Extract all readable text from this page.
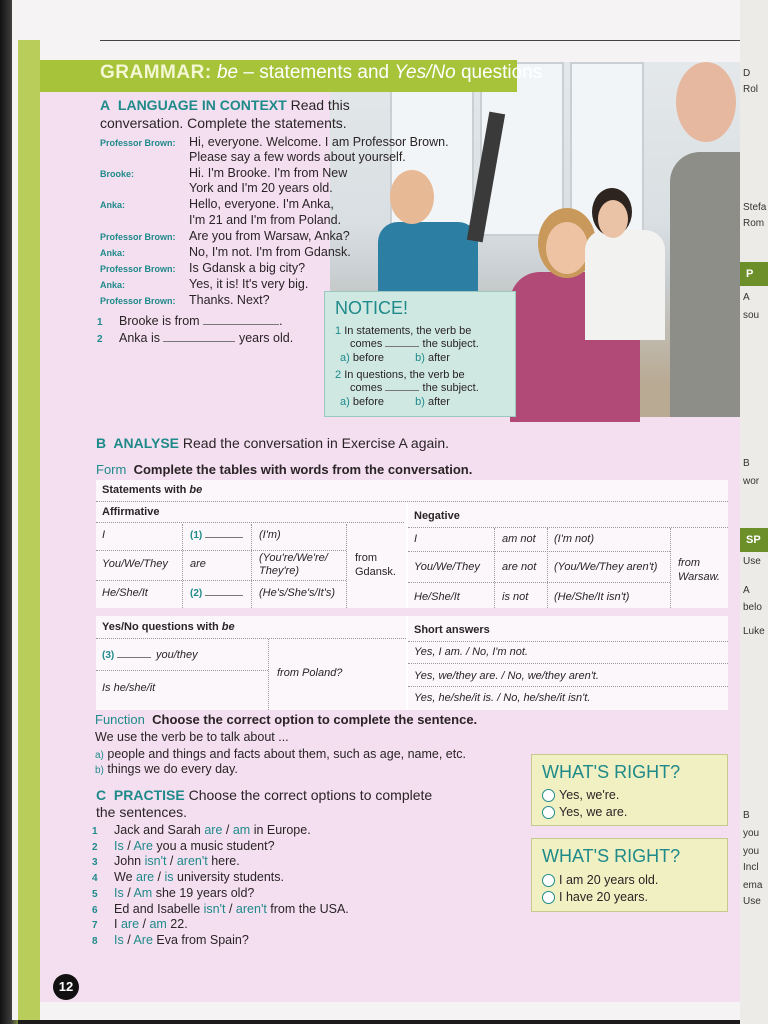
GRAMMAR: be – statements and Yes/No questions
A LANGUAGE IN CONTEXT Read this
conversation. Complete the statements.
Professor Brown: Hi, everyone. Welcome. I am Professor Brown.
Please say a few words about yourself.
Brooke:	Hi. I'm Brooke. I'm from New
York and I'm 20 years old.
Anka:	Hello, everyone. I'm Anka,
I'm 21 and I'm from Poland.
Professor Brown: Are you from Warsaw, Anka?
Anka:	No, I'm not. I'm from Gdansk.
Professor Brown: Is Gdansk a big city?
Anka:	Yes, it is! It's very big.
Professor Brown: Thanks. Next?
1 Brooke is from	.
2 Anka is	years old.
NOTICE!
1 In statements, the verb be
comes	the subject.
a) before	b) after
2 In questions, the verb be
comes	the subject.
a) before	b) after
B ANALYSE Read the conversation in Exercise A again.
Form Complete the tables with words from the conversation.
Statements with be
Affirmative	Negative
I	(1)	(I'm)
You/We/They are	(You're/We're/
They're)
He/She/It	(2)	(He's/She's/It's)
from
Gdansk.
I	am not (I'm not)
You/We/They are not (You/We/They aren't)
He/She/It	is not (He/She/It isn't)
from
Warsaw.
Yes/No questions with be	Short answers
(3)	you/they
Is he/she/it
from Poland?
Yes, I am. / No, I'm not.
Yes, we/they are. / No, we/they aren't.
Yes, he/she/it is. / No, he/she/it isn't.
Function Choose the correct option to complete the sentence.
We use the verb be to talk about ...
a) people and things and facts about them, such as age, name, etc.
b) things we do every day.
C PRACTISE Choose the correct options to complete
the sentences.
1 Jack and Sarah are / am in Europe.
2 Is / Are you a music student?
3 John isn't / aren't here.
4 We are / is university students.
5 Is / Am she 19 years old?
6 Ed and Isabelle isn't / aren't from the USA.
7 I are / am 22.
8 Is / Are Eva from Spain?
WHAT'S RIGHT?
Yes, we're.
Yes, we are.
WHAT'S RIGHT?
I am 20 years old.
I have 20 years.
12
D
Rol
Stefa
Rom
P
A
sou
B
wor
SP
Use
A
belo
Luke
B
you
you
Incl
ema
Use
